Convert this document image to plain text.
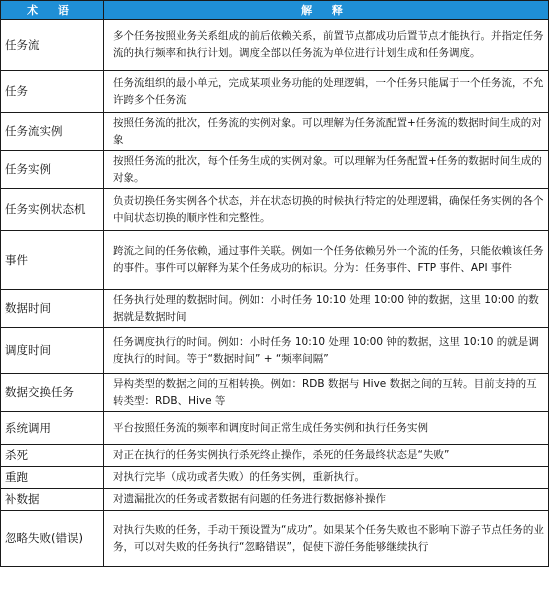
术 语	解 释
任务流	多个任务按照业务关系组成的前后依赖关系，前置节点都成功后置节点才能执行。并指定任务流的执行频率和执行计划。调度全部以任务流为单位进行计划生成和任务调度。
任务	任务流组织的最小单元，完成某项业务功能的处理逻辑，一个任务只能属于一个任务流，不允许跨多个任务流
任务流实例	按照任务流的批次，任务流的实例对象。可以理解为任务流配置+任务流的数据时间生成的对象
任务实例	按照任务流的批次，每个任务生成的实例对象。可以理解为任务配置+任务的数据时间生成的对象。
任务实例状态机	负责切换任务实例各个状态，并在状态切换的时候执行特定的处理逻辑，确保任务实例的各个中间状态切换的顺序性和完整性。
事件	跨流之间的任务依赖，通过事件关联。例如一个任务依赖另外一个流的任务，只能依赖该任务的事件。事件可以解释为某个任务成功的标识。分为：任务事件、FTP 事件、API 事件
数据时间	任务执行处理的数据时间。例如：小时任务 10:10 处理 10:00 钟的数据，这里 10:00 的数据就是数据时间
调度时间	任务调度执行的时间。例如：小时任务 10:10 处理 10:00 钟的数据，这里 10:10 的就是调度执行的时间。等于“数据时间” + “频率间隔”
数据交换任务	异构类型的数据之间的互相转换。例如：RDB 数据与 Hive 数据之间的互转。目前支持的互转类型：RDB、Hive 等
系统调用	平台按照任务流的频率和调度时间正常生成任务实例和执行任务实例
杀死	对正在执行的任务实例执行杀死终止操作，杀死的任务最终状态是“失败”
重跑	对执行完毕（成功或者失败）的任务实例，重新执行。
补数据	对遗漏批次的任务或者数据有问题的任务进行数据修补操作
忽略失败(错误)	对执行失败的任务，手动干预设置为“成功”。如果某个任务失败也不影响下游子节点任务的业务，可以对失败的任务执行“忽略错误”，促使下游任务能够继续执行
